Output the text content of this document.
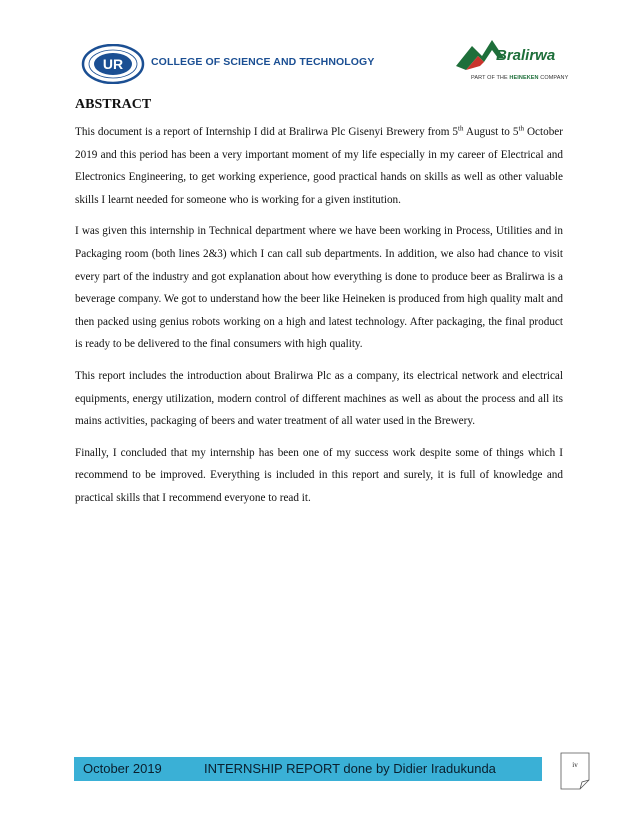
UR	COLLEGE OF SCIENCE AND TECHNOLOGY	Bralirwa
PART OF THE HEINEKEN COMPANY
ABSTRACT

This document is a report of Internship I did at Bralirwa Plc Gisenyi Brewery from 5th August to 5th October 2019 and this period has been a very important moment of my life especially in my career of Electrical and Electronics Engineering, to get working experience, good practical hands on skills as well as other valuable skills I learnt needed for someone who is working for a given institution.

I was given this internship in Technical department where we have been working in Process, Utilities and in Packaging room (both lines 2&3) which I can call sub departments. In addition, we also had chance to visit every part of the industry and got explanation about how everything is done to produce beer as Bralirwa is a beverage company. We got to understand how the beer like Heineken is produced from high quality malt and then packed using genius robots working on a high and latest technology. After packaging, the final product is ready to be delivered to the final consumers with high quality.

This report includes the introduction about Bralirwa Plc as a company, its electrical network and electrical equipments, energy utilization, modern control of different machines as well as about the process and all its mains activities, packaging of beers and water treatment of all water used in the Brewery.

Finally, I concluded that my internship has been one of my success work despite some of things which I recommend to be improved. Everything is included in this report and surely, it is full of knowledge and practical skills that I recommend everyone to read it.

October 2019	INTERNSHIP REPORT done by Didier Iradukunda	iv
